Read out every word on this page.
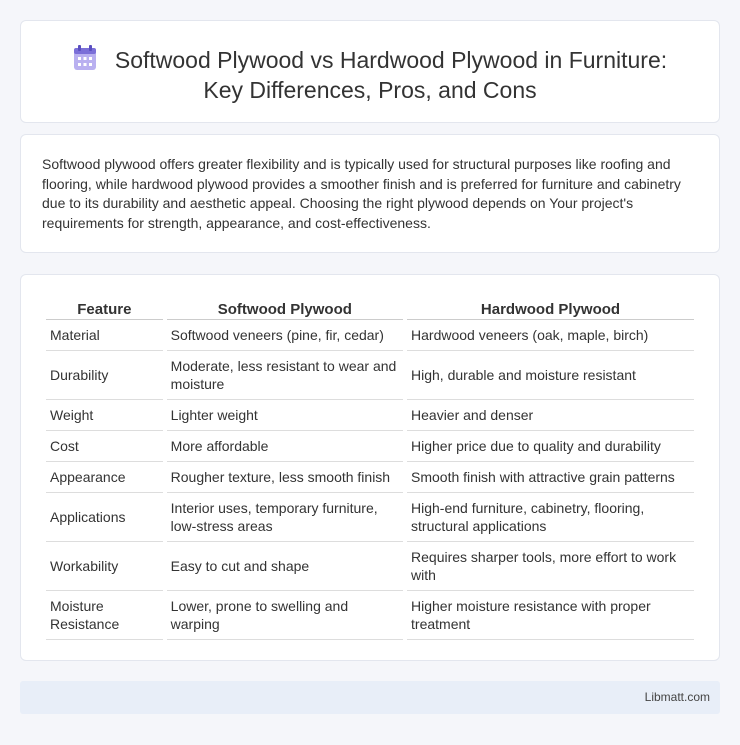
Softwood Plywood vs Hardwood Plywood in Furniture:
Key Differences, Pros, and Cons

Softwood plywood offers greater flexibility and is typically used for structural purposes like roofing and flooring, while hardwood plywood provides a smoother finish and is preferred for furniture and cabinetry due to its durability and aesthetic appeal. Choosing the right plywood depends on Your project's requirements for strength, appearance, and cost-effectiveness.

Feature	Softwood Plywood	Hardwood Plywood
Material	Softwood veneers (pine, fir, cedar)	Hardwood veneers (oak, maple, birch)
Durability	Moderate, less resistant to wear and moisture	High, durable and moisture resistant
Weight	Lighter weight	Heavier and denser
Cost	More affordable	Higher price due to quality and durability
Appearance	Rougher texture, less smooth finish	Smooth finish with attractive grain patterns
Applications	Interior uses, temporary furniture, low-stress areas	High-end furniture, cabinetry, flooring, structural applications
Workability	Easy to cut and shape	Requires sharper tools, more effort to work with
Moisture Resistance	Lower, prone to swelling and warping	Higher moisture resistance with proper treatment
Libmatt.com
